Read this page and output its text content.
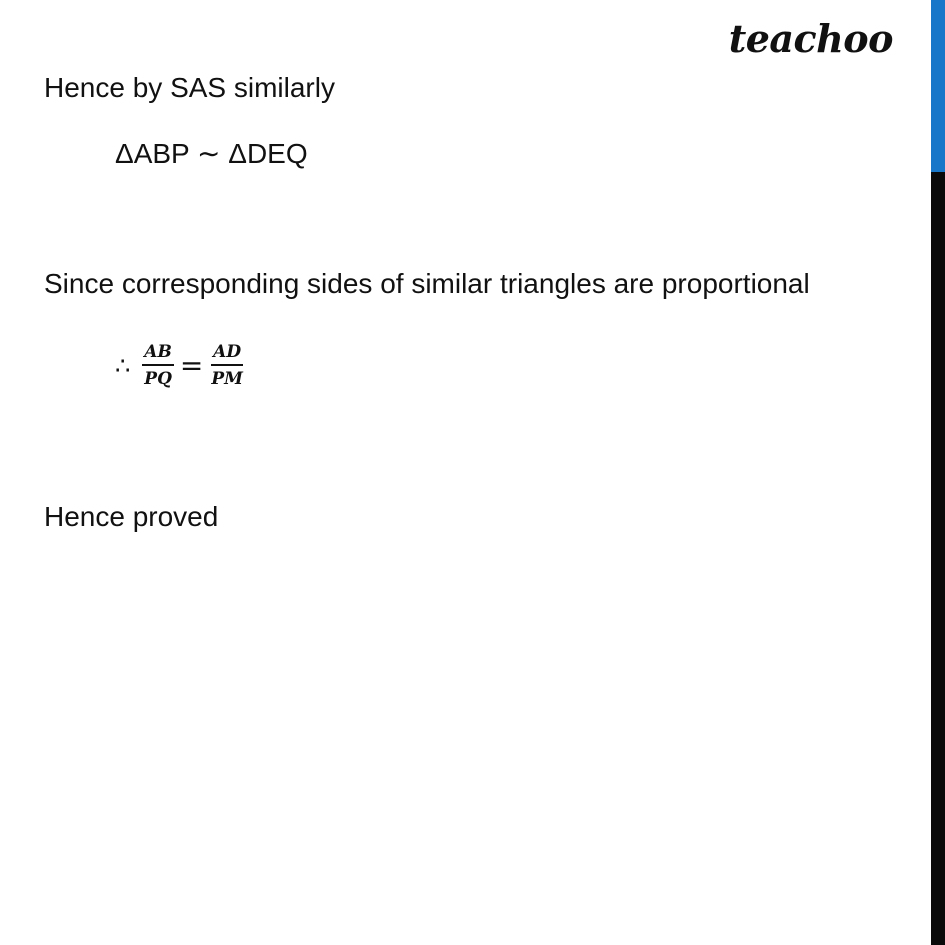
teachoo
Hence by SAS similarly
ΔABP ∼ ΔDEQ
Since corresponding sides of similar triangles are proportional
∴ $\frac{AB}{PQ} = \frac{AD}{PM}$
Hence proved
